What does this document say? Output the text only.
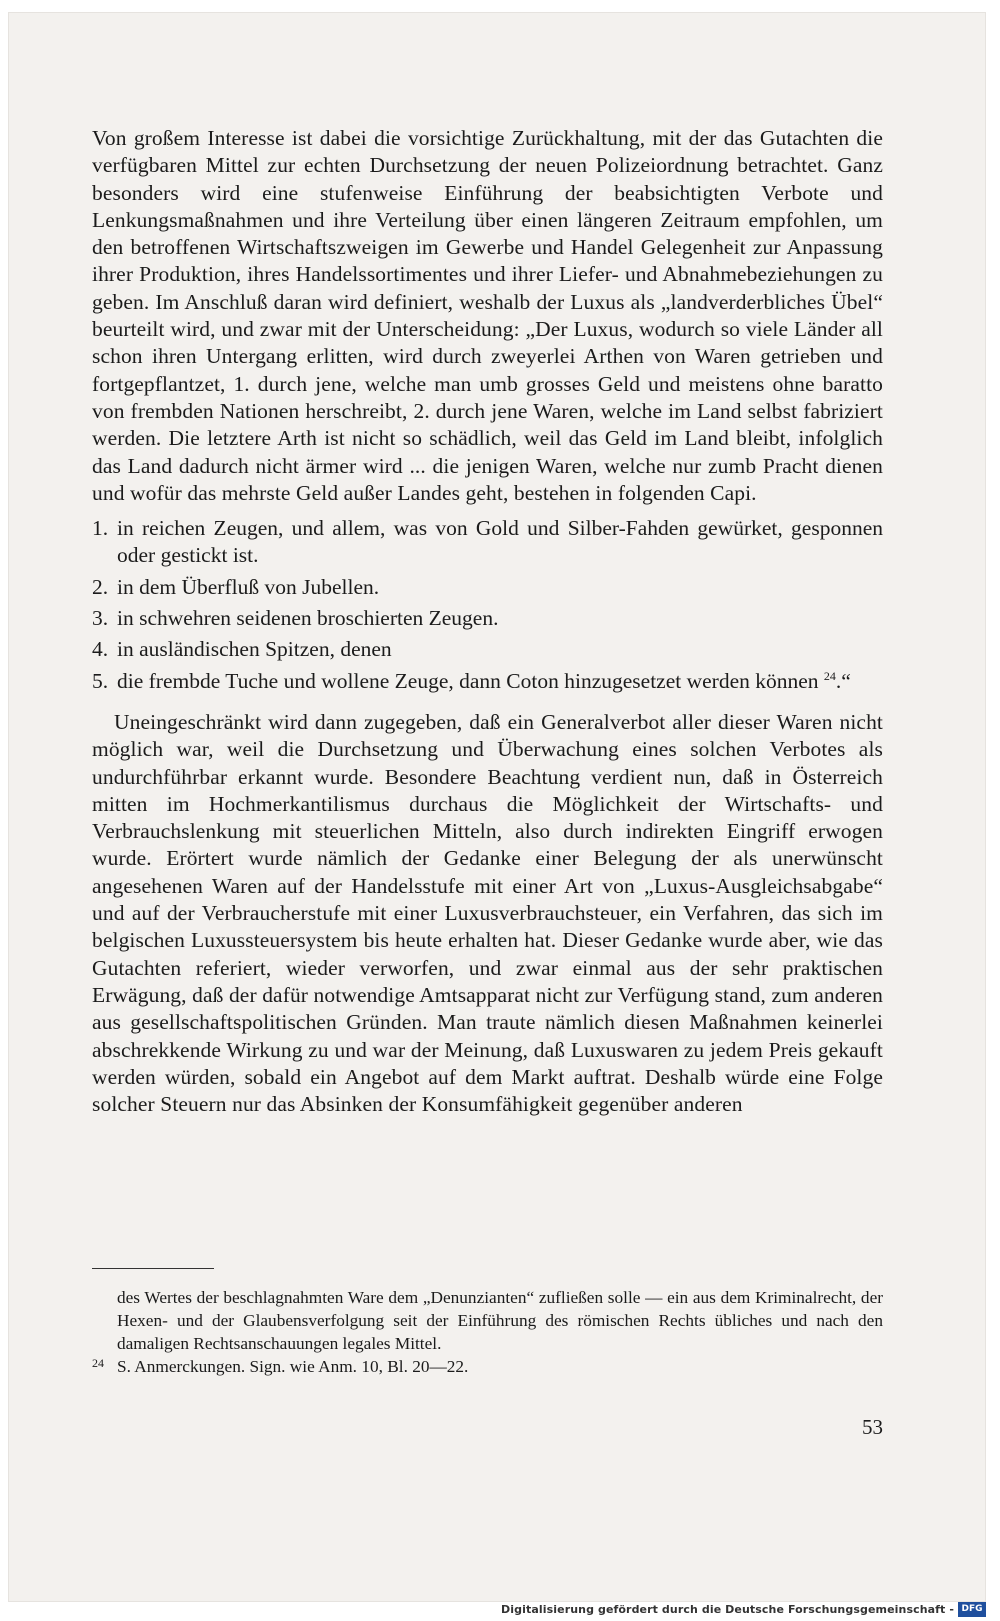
Von großem Interesse ist dabei die vorsichtige Zurückhaltung, mit der das Gutachten die verfügbaren Mittel zur echten Durchsetzung der neuen Polizeiordnung betrachtet. Ganz besonders wird eine stufenweise Einführung der beabsichtigten Verbote und Lenkungsmaßnahmen und ihre Verteilung über einen längeren Zeitraum empfohlen, um den betroffenen Wirtschaftszweigen im Gewerbe und Handel Gelegenheit zur Anpassung ihrer Produktion, ihres Handelssortimentes und ihrer Liefer- und Abnahmebeziehungen zu geben. Im Anschluß daran wird definiert, weshalb der Luxus als „landverderbliches Übel“ beurteilt wird, und zwar mit der Unterscheidung: „Der Luxus, wodurch so viele Länder all schon ihren Untergang erlitten, wird durch zweyerlei Arthen von Waren getrieben und fortgepflantzet, 1. durch jene, welche man umb grosses Geld und meistens ohne baratto von frembden Nationen herschreibt, 2. durch jene Waren, welche im Land selbst fabriziert werden. Die letztere Arth ist nicht so schädlich, weil das Geld im Land bleibt, infolglich das Land dadurch nicht ärmer wird ... die jenigen Waren, welche nur zumb Pracht dienen und wofür das mehrste Geld außer Landes geht, bestehen in folgenden Capi.

1. in reichen Zeugen, und allem, was von Gold und Silber-Fahden gewürket, gesponnen oder gestickt ist.
2. in dem Überfluß von Jubellen.
3. in schwehren seidenen broschierten Zeugen.
4. in ausländischen Spitzen, denen
5. die frembde Tuche und wollene Zeuge, dann Coton hinzugesetzet werden können $^{24}$.“

Uneingeschränkt wird dann zugegeben, daß ein Generalverbot aller dieser Waren nicht möglich war, weil die Durchsetzung und Überwachung eines solchen Verbotes als undurchführbar erkannt wurde. Besondere Beachtung verdient nun, daß in Österreich mitten im Hochmerkantilismus durchaus die Möglichkeit der Wirtschafts- und Verbrauchslenkung mit steuerlichen Mitteln, also durch indirekten Eingriff erwogen wurde. Erörtert wurde nämlich der Gedanke einer Belegung der als unerwünscht angesehenen Waren auf der Handelsstufe mit einer Art von „Luxus-Ausgleichsabgabe“ und auf der Verbraucherstufe mit einer Luxusverbrauchsteuer, ein Verfahren, das sich im belgischen Luxussteuersystem bis heute erhalten hat. Dieser Gedanke wurde aber, wie das Gutachten referiert, wieder verworfen, und zwar einmal aus der sehr praktischen Erwägung, daß der dafür notwendige Amtsapparat nicht zur Verfügung stand, zum anderen aus gesellschaftspolitischen Gründen. Man traute nämlich diesen Maßnahmen keinerlei abschrekkende Wirkung zu und war der Meinung, daß Luxuswaren zu jedem Preis gekauft werden würden, sobald ein Angebot auf dem Markt auftrat. Deshalb würde eine Folge solcher Steuern nur das Absinken der Konsumfähigkeit gegenüber anderen

des Wertes der beschlagnahmten Ware dem „Denunzianten“ zufließen solle — ein aus dem Kriminalrecht, der Hexen- und der Glaubensverfolgung seit der Einführung des römischen Rechts übliches und nach den damaligen Rechtsanschauungen legales Mittel.

24 S. Anmerckungen. Sign. wie Anm. 10, Bl. 20—22.

53
Digitalisierung gefördert durch die Deutsche Forschungsgemeinschaft - DFG
